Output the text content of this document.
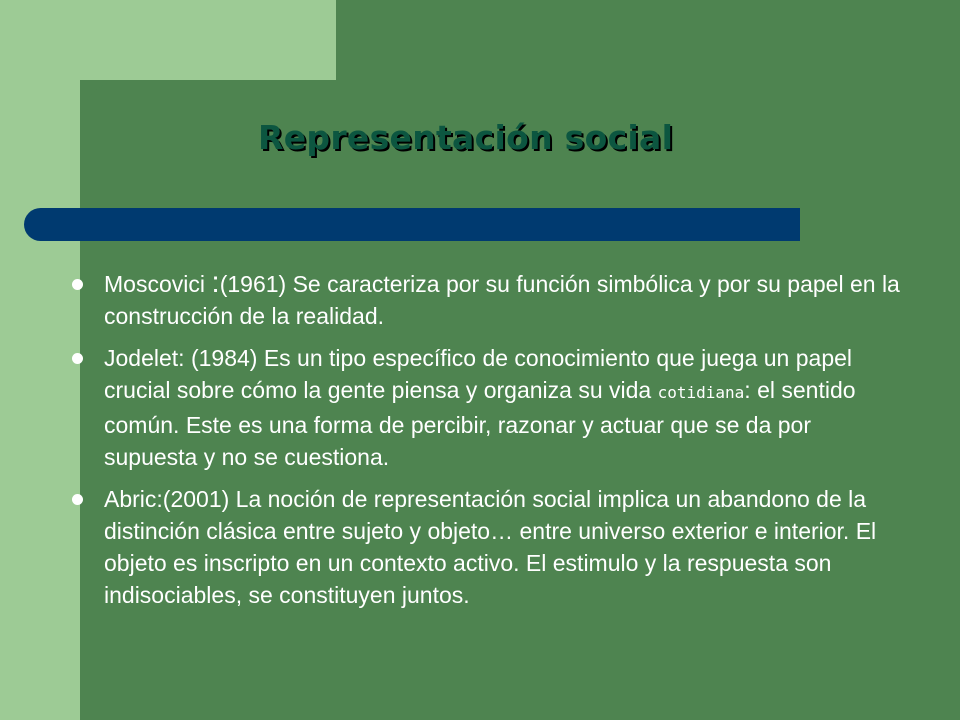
Representación social
Moscovici :(1961) Se caracteriza por su función simbólica y por su papel en la construcción de la realidad.
Jodelet: (1984) Es un tipo específico de conocimiento que juega un papel crucial sobre cómo la gente piensa y organiza su vida cotidiana: el sentido común. Este es una forma de percibir, razonar y actuar que se da por supuesta y no se cuestiona.
Abric:(2001) La noción de representación social implica un abandono de la distinción clásica entre sujeto y objeto… entre universo exterior e interior. El objeto es inscripto en un contexto activo. El estimulo y la respuesta son indisociables, se constituyen juntos.
